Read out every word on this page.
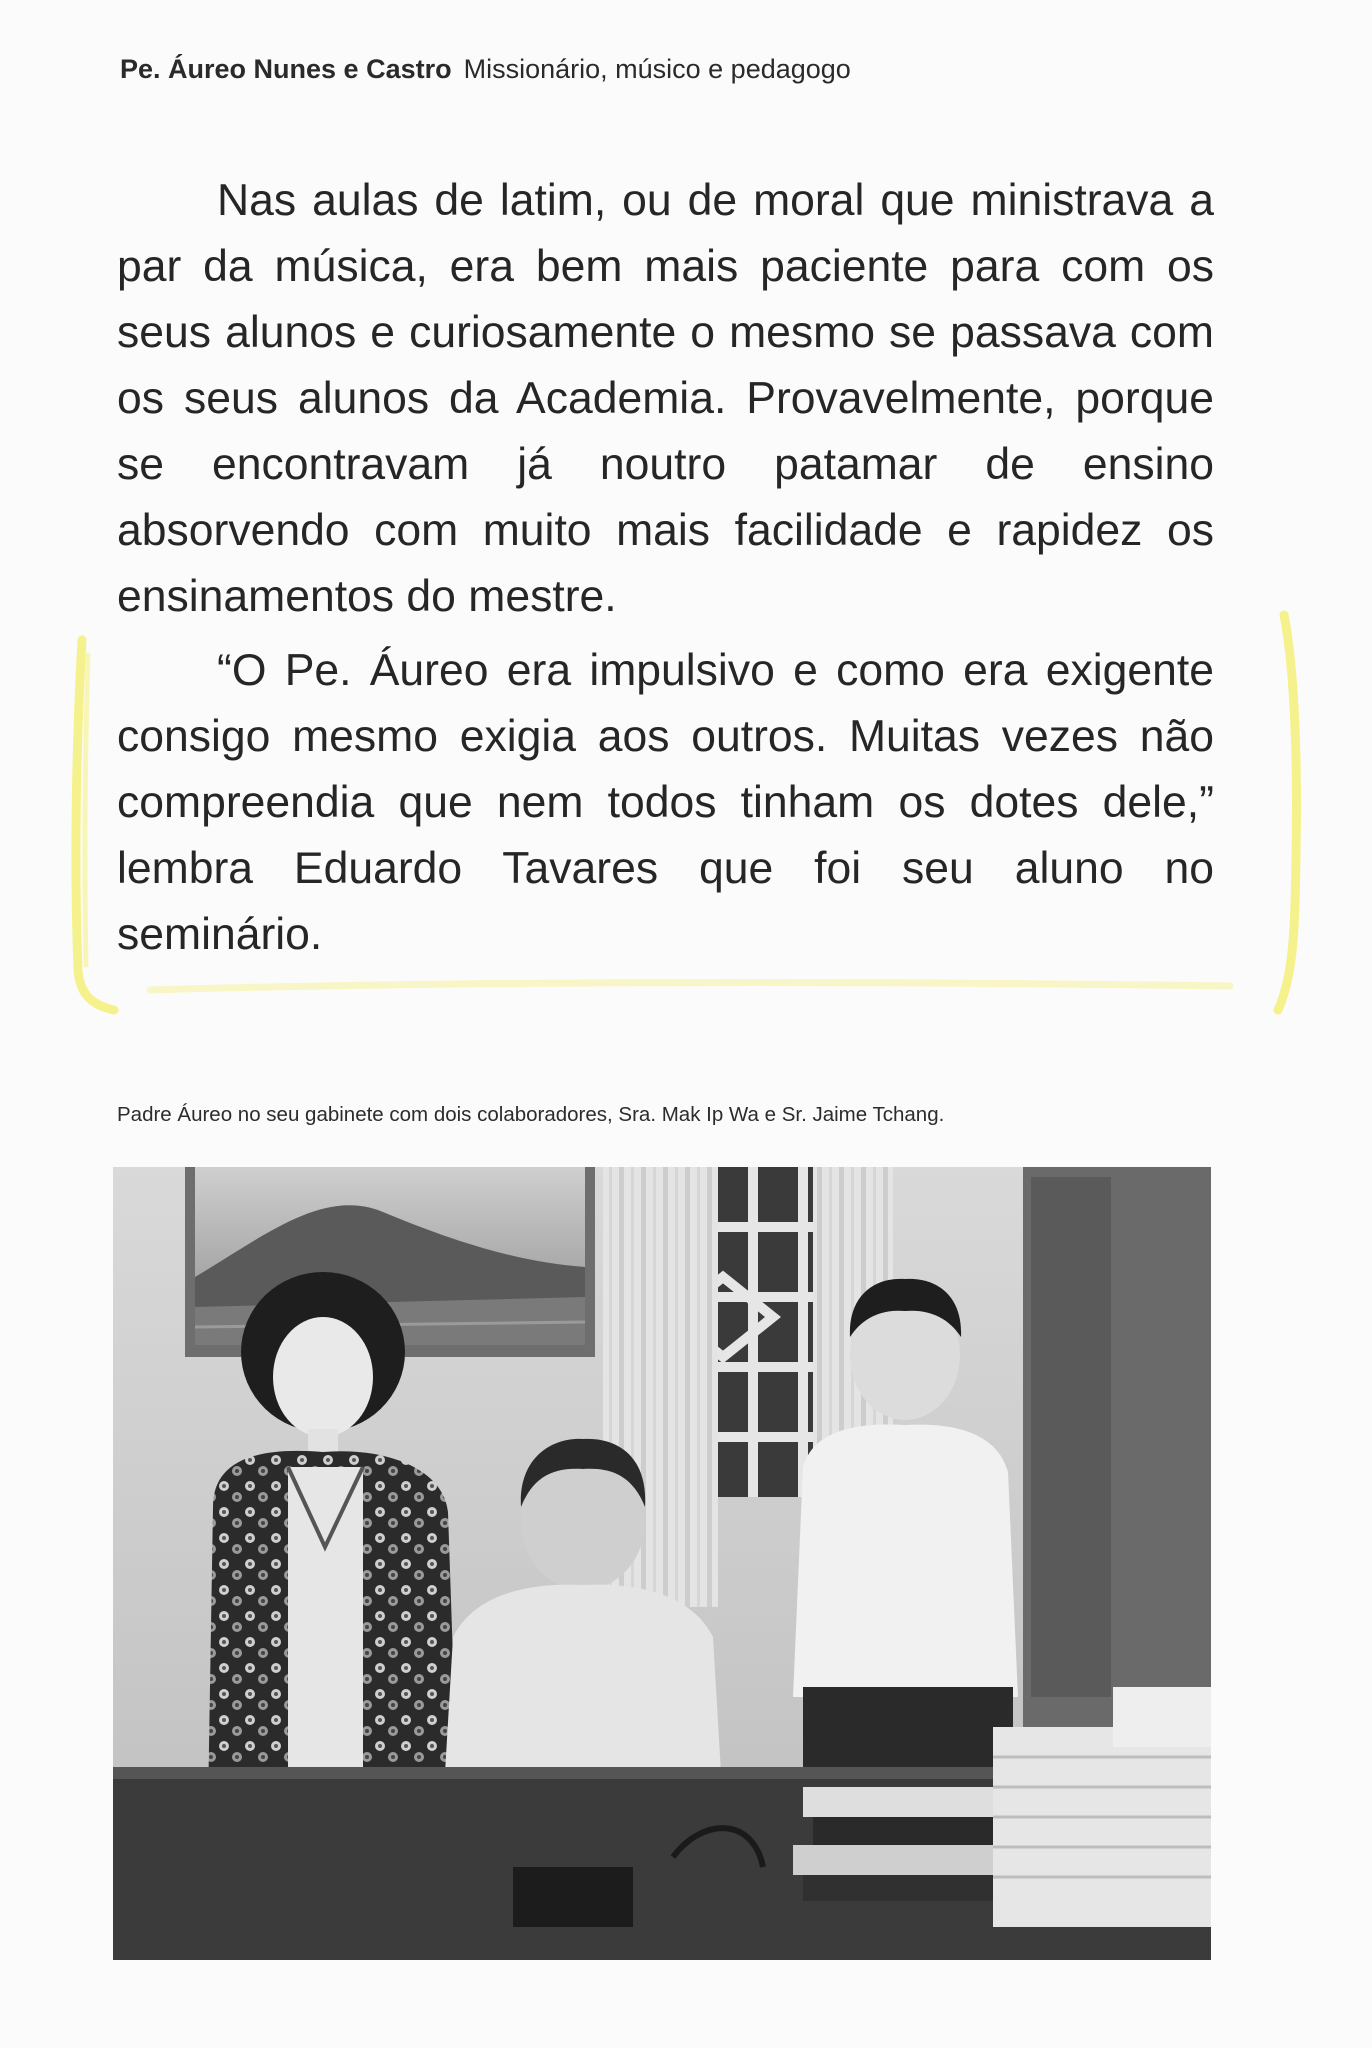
Pe. Áureo Nunes e Castro Missionário, músico e pedagogo

Nas aulas de latim, ou de moral que ministrava a par da música, era bem mais paciente para com os seus alunos e curiosamente o mesmo se passava com os seus alunos da Academia. Provavelmente, porque se encontravam já noutro patamar de ensino absorvendo com muito mais facilidade e rapidez os ensinamentos do mestre.

“O Pe. Áureo era impulsivo e como era exigente consigo mesmo exigia aos outros. Muitas vezes não compreendia que nem todos tinham os dotes dele,” lembra Eduardo Tavares que foi seu aluno no seminário.

Padre Áureo no seu gabinete com dois colaboradores, Sra. Mak Ip Wa e Sr. Jaime Tchang.
